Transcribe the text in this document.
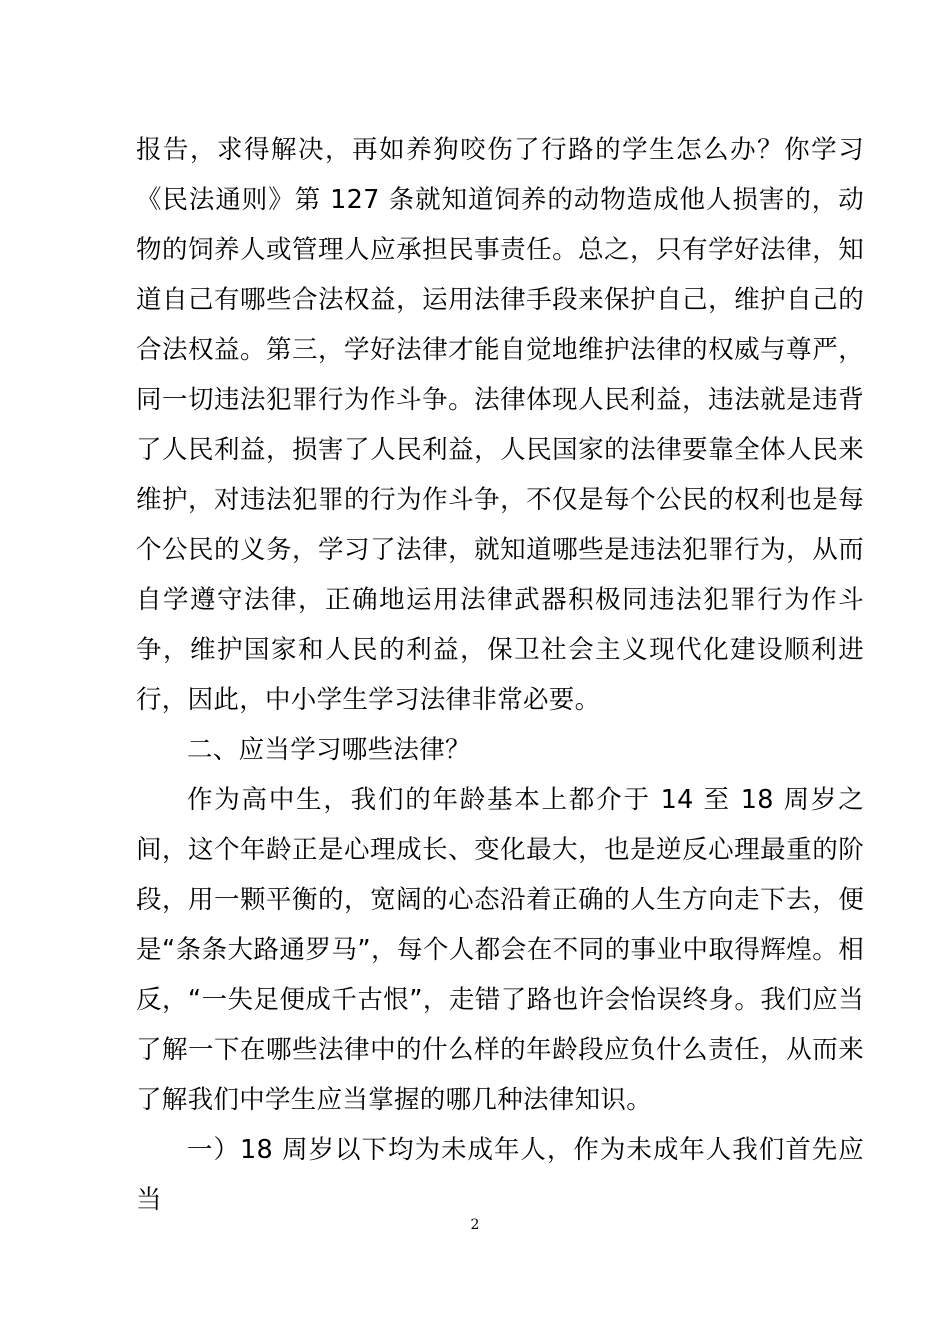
报告，求得解决，再如养狗咬伤了行路的学生怎么办？你学习《民法通则》第 127 条就知道饲养的动物造成他人损害的，动物的饲养人或管理人应承担民事责任。总之，只有学好法律，知道自己有哪些合法权益，运用法律手段来保护自己，维护自己的合法权益。第三，学好法律才能自觉地维护法律的权威与尊严，同一切违法犯罪行为作斗争。法律体现人民利益，违法就是违背了人民利益，损害了人民利益，人民国家的法律要靠全体人民来维护，对违法犯罪的行为作斗争，不仅是每个公民的权利也是每个公民的义务，学习了法律，就知道哪些是违法犯罪行为，从而自学遵守法律，正确地运用法律武器积极同违法犯罪行为作斗争，维护国家和人民的利益，保卫社会主义现代化建设顺利进行，因此，中小学生学习法律非常必要。

二、应当学习哪些法律？

作为高中生，我们的年龄基本上都介于 14 至 18 周岁之间，这个年龄正是心理成长、变化最大，也是逆反心理最重的阶段，用一颗平衡的，宽阔的心态沿着正确的人生方向走下去，便是“条条大路通罗马”，每个人都会在不同的事业中取得辉煌。相反，“一失足便成千古恨”，走错了路也许会怡误终身。我们应当了解一下在哪些法律中的什么样的年龄段应负什么责任，从而来了解我们中学生应当掌握的哪几种法律知识。

一）18 周岁以下均为未成年人，作为未成年人我们首先应当

2
